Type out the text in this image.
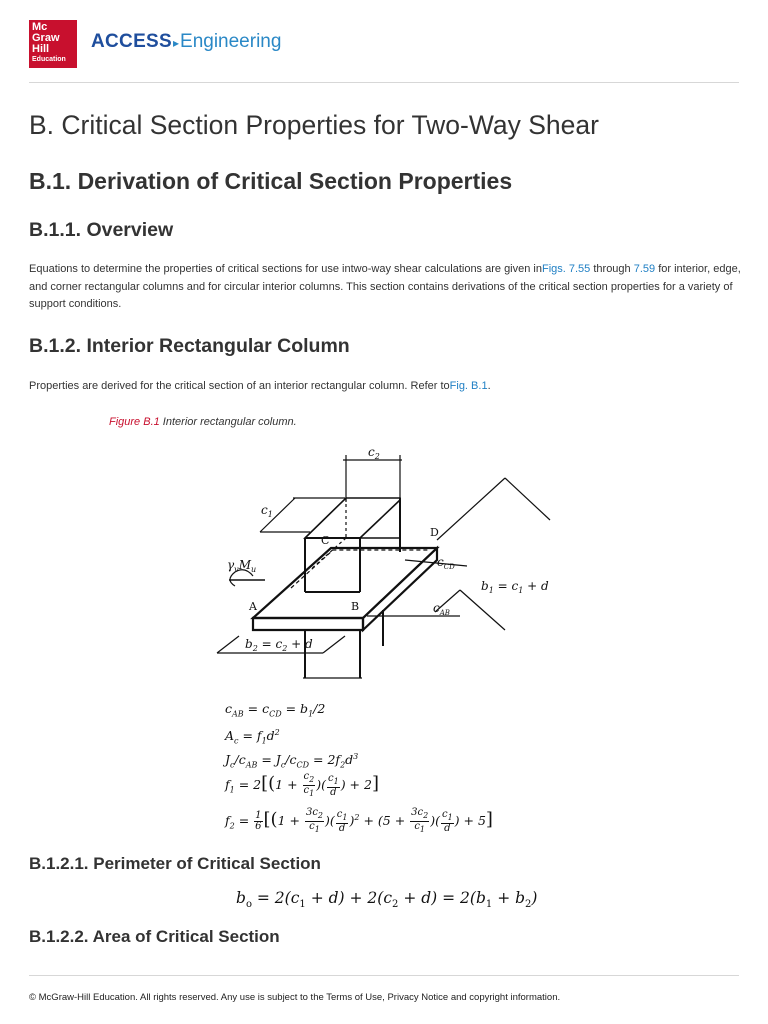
Mc
Graw
Hill
Education
ACCESS▸Engineering
B. Critical Section Properties for Two-Way Shear
B.1. Derivation of Critical Section Properties
B.1.1. Overview

Equations to determine the properties of critical sections for use intwo-way shear calculations are given inFigs. 7.55 through 7.59 for interior, edge, and corner rectangular columns and for circular interior columns. This section contains derivations of the critical section properties for a variety of support conditions.

B.1.2. Interior Rectangular Column

Properties are derived for the critical section of an interior rectangular column. Refer toFig. B.1.

Figure B.1 Interior rectangular column.
$c_2$
$c_1$
$\gamma_vM_u$
$c_{AB}$
$c_{CD}$
$b_1 = c_1 + d$
$b_2 = c_2 + d$
A	B
C
D
$c_{AB} = c_{CD} = b_1/2$
$A_c = f_1d^2$
$J_c/c_{AB} = J_c/c_{CD} = 2f_2d^3$
$f_1 = 2[(1 + \frac{c_2}{c_1}$ )( $\frac{c_1}{d}$ ) + 2]
$f_2 = \frac{1}{6} [(1 + \frac{3c_2}{c_1}$ )( $\frac{c_1}{d} )^2 + (5 + \frac{3c_2}{c_1}$ )( $\frac{c_1}{d}$ ) + 5]
B.1.2.1. Perimeter of Critical Section
$b_o = 2(c_1 + d) + 2(c_2 + d) = 2(b_1 + b_2)$
B.1.2.2. Area of Critical Section
© McGraw-Hill Education. All rights reserved. Any use is subject to the Terms of Use, Privacy Notice and copyright information.
